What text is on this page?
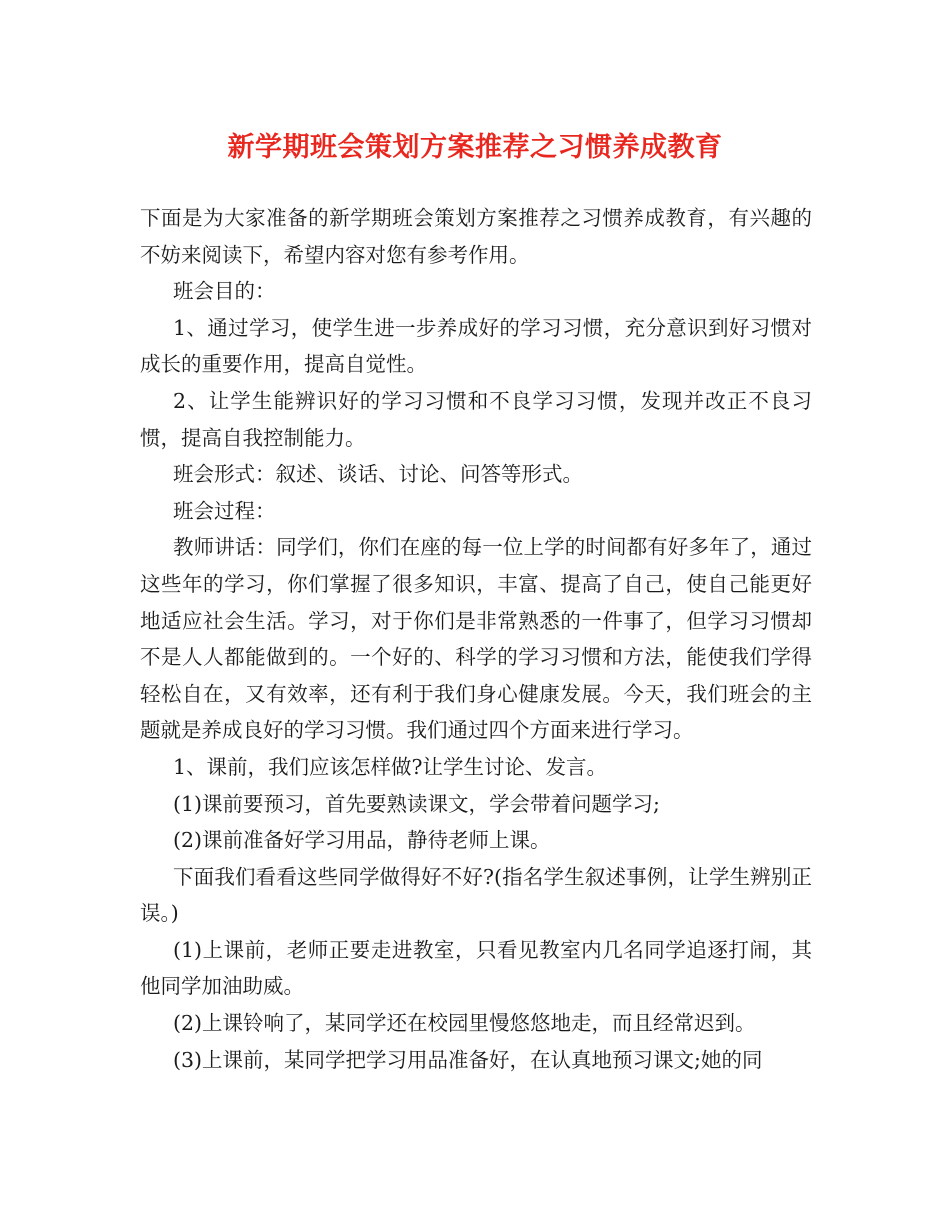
新学期班会策划方案推荐之习惯养成教育

下面是为大家准备的新学期班会策划方案推荐之习惯养成教育，有兴趣的不妨来阅读下，希望内容对您有参考作用。

班会目的：

1、通过学习，使学生进一步养成好的学习习惯，充分意识到好习惯对成长的重要作用，提高自觉性。

2、让学生能辨识好的学习习惯和不良学习习惯，发现并改正不良习惯，提高自我控制能力。

班会形式：叙述、谈话、讨论、问答等形式。

班会过程：

教师讲话：同学们，你们在座的每一位上学的时间都有好多年了，通过这些年的学习，你们掌握了很多知识，丰富、提高了自己，使自己能更好地适应社会生活。学习，对于你们是非常熟悉的一件事了，但学习习惯却不是人人都能做到的。一个好的、科学的学习习惯和方法，能使我们学得轻松自在，又有效率，还有利于我们身心健康发展。今天，我们班会的主题就是养成良好的学习习惯。我们通过四个方面来进行学习。

1、课前，我们应该怎样做?让学生讨论、发言。

(1)课前要预习，首先要熟读课文，学会带着问题学习;

(2)课前准备好学习用品，静待老师上课。

下面我们看看这些同学做得好不好?(指名学生叙述事例，让学生辨别正误。)

(1)上课前，老师正要走进教室，只看见教室内几名同学追逐打闹，其他同学加油助威。

(2)上课铃响了，某同学还在校园里慢悠悠地走，而且经常迟到。

(3)上课前，某同学把学习用品准备好，在认真地预习课文;她的同
